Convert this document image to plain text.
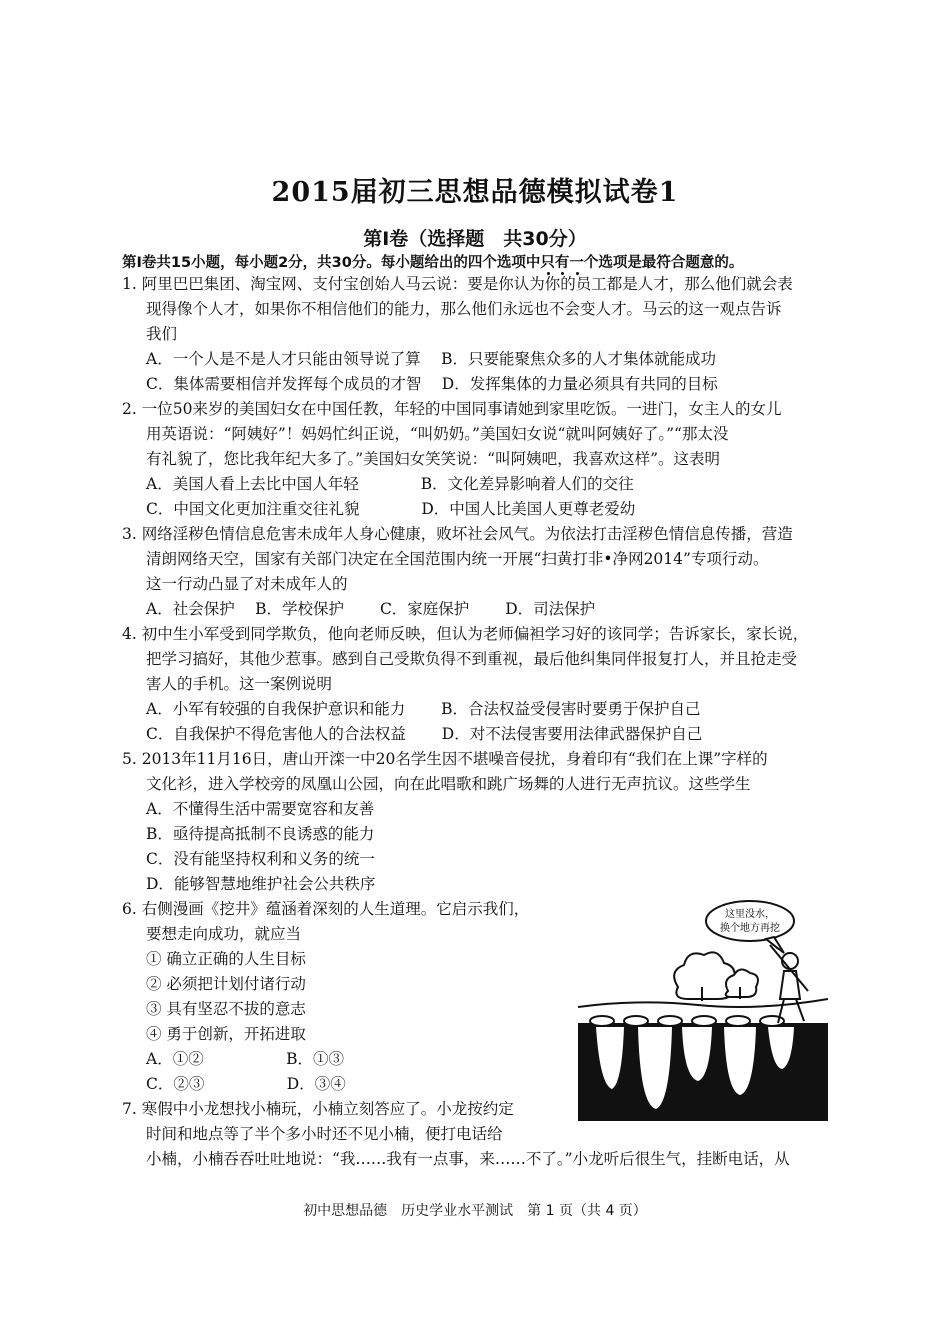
2015届初三思想品德模拟试卷1
第Ⅰ卷（选择题　共30分）
第Ⅰ卷共15小题，每小题2分，共30分。每小题给出的四个选项中只有一个选项是最符合题意的。
1. 阿里巴巴集团、淘宝网、支付宝创始人马云说：要是你认为你的员工都是人才，那么他们就会表
现得像个人才，如果你不相信他们的能力，那么他们永远也不会变人才。马云的这一观点告诉
我们
A．一个人是不是人才只能由领导说了算　 B．只要能聚焦众多的人才集体就能成功
C．集体需要相信并发挥每个成员的才智　 D．发挥集体的力量必须具有共同的目标
2. 一位50来岁的美国妇女在中国任教，年轻的中国同事请她到家里吃饭。一进门，女主人的女儿
用英语说：“阿姨好”！妈妈忙纠正说，“叫奶奶。”美国妇女说“就叫阿姨好了。”“那太没
有礼貌了，您比我年纪大多了。”美国妇女笑笑说：“叫阿姨吧，我喜欢这样”。这表明
A．美国人看上去比中国人年轻　　　　B．文化差异影响着人们的交往
C．中国文化更加注重交往礼貌　　　　D．中国人比美国人更尊老爱幼
3. 网络淫秽色情信息危害未成年人身心健康，败坏社会风气。为依法打击淫秽色情信息传播，营造
清朗网络天空，国家有关部门决定在全国范围内统一开展“扫黄打非•净网2014”专项行动。
这一行动凸显了对未成年人的
A．社会保护　 B．学校保护　　 C．家庭保护　　 D．司法保护
4. 初中生小军受到同学欺负，他向老师反映，但认为老师偏袒学习好的该同学；告诉家长，家长说，
把学习搞好，其他少惹事。感到自己受欺负得不到重视，最后他纠集同伴报复打人，并且抢走受
害人的手机。这一案例说明
A．小军有较强的自我保护意识和能力　　 B．合法权益受侵害时要勇于保护自己
C．自我保护不得危害他人的合法权益　　 D．对不法侵害要用法律武器保护自己
5. 2013年11月16日，唐山开滦一中20名学生因不堪噪音侵扰，身着印有“我们在上课”字样的
文化衫，进入学校旁的凤凰山公园，向在此唱歌和跳广场舞的人进行无声抗议。这些学生
A．不懂得生活中需要宽容和友善
B．亟待提高抵制不良诱惑的能力
C．没有能坚持权利和义务的统一
D．能够智慧地维护社会公共秩序
6. 右侧漫画《挖井》蕴涵着深刻的人生道理。它启示我们，
要想走向成功，就应当
① 确立正确的人生目标
② 必须把计划付诸行动
③ 具有坚忍不拔的意志
④ 勇于创新，开拓进取
A．①②　　　　　 B．①③
C．②③　　　　　 D．③④
7. 寒假中小龙想找小楠玩，小楠立刻答应了。小龙按约定
时间和地点等了半个多小时还不见小楠，便打电话给
小楠，小楠吞吞吐吐地说：“我……我有一点事，来……不了。”小龙听后很生气，挂断电话，从
这里没水，
换个地方再挖
初中思想品德　历史学业水平测试　第 1 页（共 4 页）
